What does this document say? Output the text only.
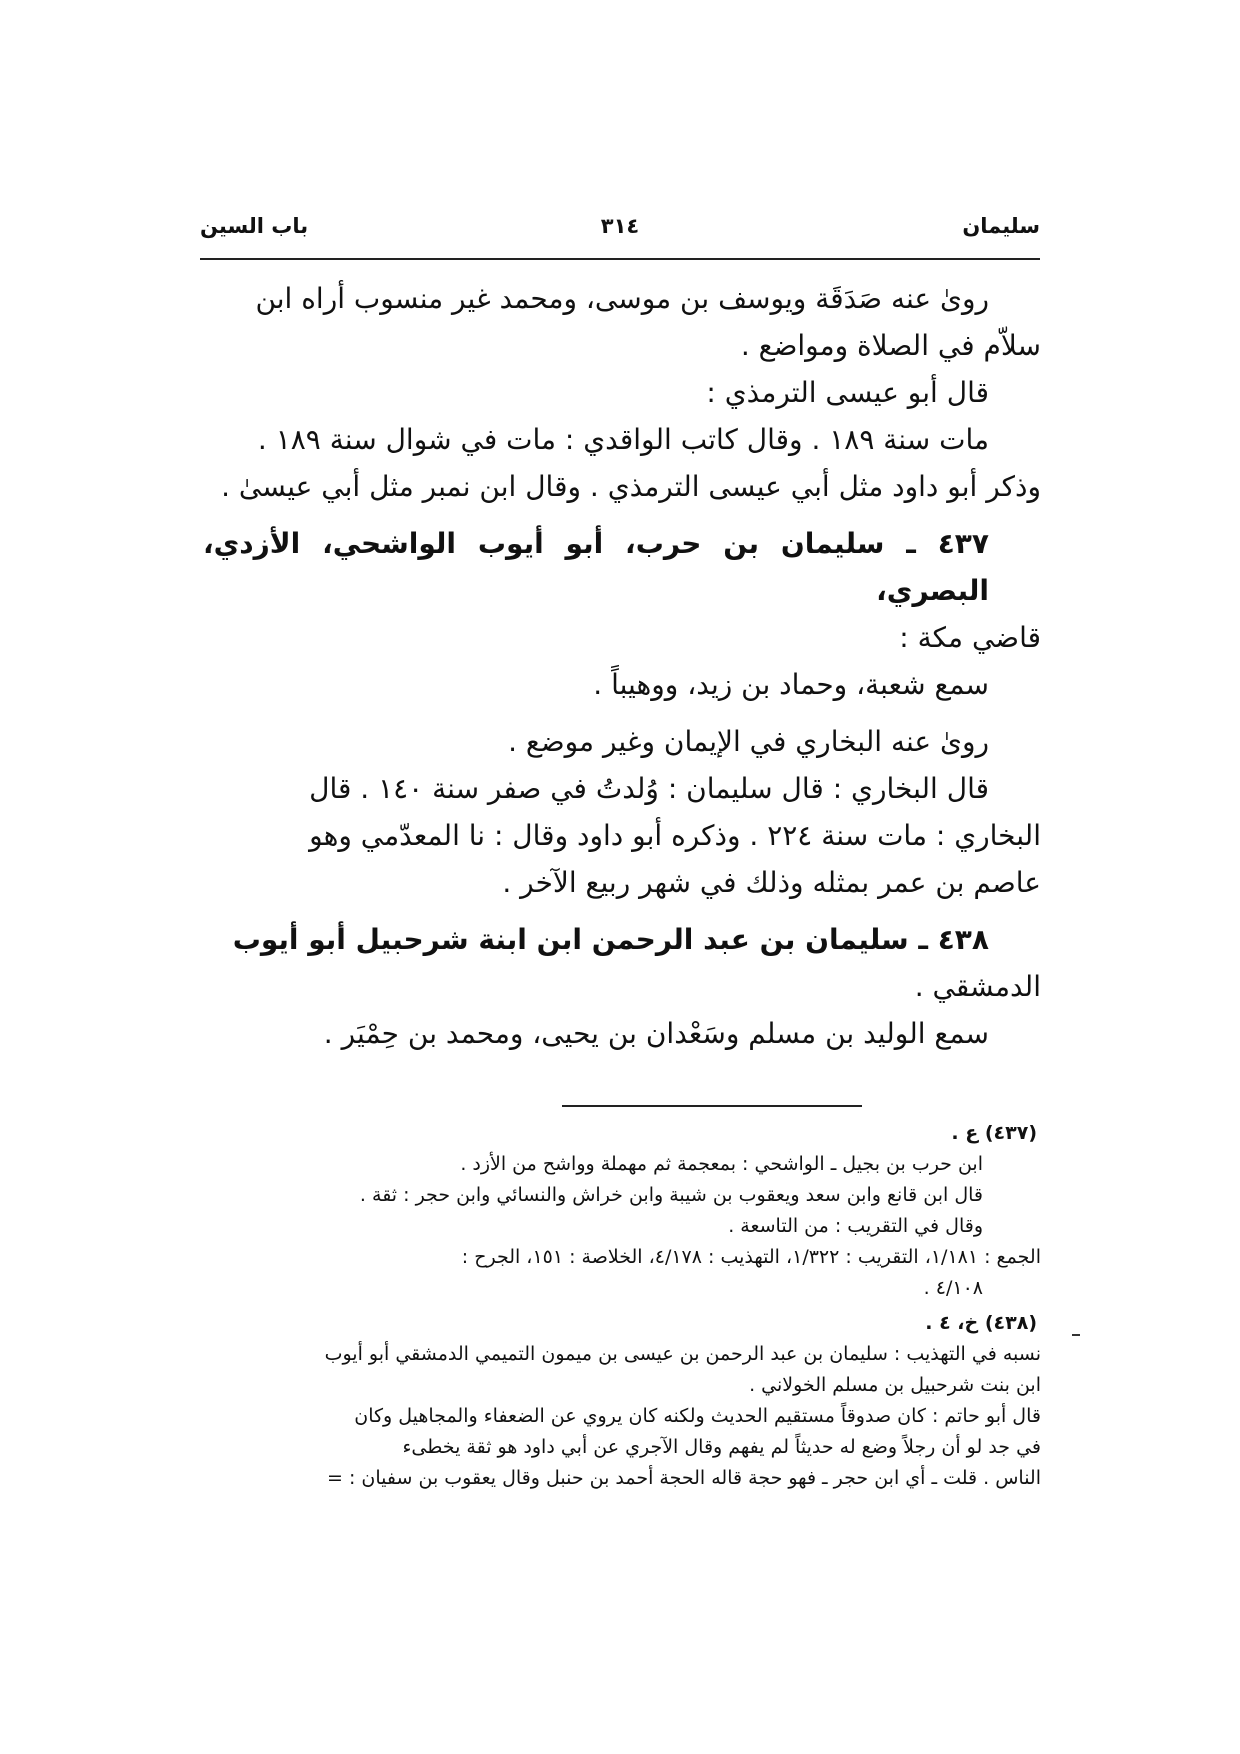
سليمان
٣١٤
باب السين

رویٰ عنه صَدَقَة ويوسف بن موسى، ومحمد غير منسوب أراه ابن

سلاّم في الصلاة ومواضع .

قال أبو عيسى الترمذي :

مات سنة ١٨٩ . وقال كاتب الواقدي : مات في شوال سنة ١٨٩ .

وذكر أبو داود مثل أبي عيسى الترمذي . وقال ابن نمبر مثل أبي عيسىٰ .

٤٣٧ ـ سليمان بن حرب، أبو أيوب الواشحي، الأزدي، البصري،

قاضي مكة :

سمع شعبة، وحماد بن زيد، ووهيباً .

روىٰ عنه البخاري في الإيمان وغير موضع .

قال البخاري : قال سليمان : وُلدتُ في صفر سنة ١٤٠ . قال

البخاري : مات سنة ٢٢٤ . وذكره أبو داود وقال : نا المعدّمي وهو

عاصم بن عمر بمثله وذلك في شهر ربيع الآخر .

٤٣٨ ـ سليمان بن عبد الرحمن ابن ابنة شرحبيل أبو أيوب

الدمشقي .

سمع الوليد بن مسلم وسَعْدان بن يحيى، ومحمد بن حِمْيَر .

(٤٣٧) ع .

ابن حرب بن بجيل ـ الواشحي : بمعجمة ثم مهملة وواشح من الأزد .

قال ابن قانع وابن سعد ويعقوب بن شيبة وابن خراش والنسائي وابن حجر : ثقة .

وقال في التقريب : من التاسعة .

الجمع : ١/١٨١، التقريب : ١/٣٢٢، التهذيب : ٤/١٧٨، الخلاصة : ١٥١، الجرح :

٤/١٠٨ .

(٤٣٨) خ، ٤ .

نسبه في التهذيب : سليمان بن عبد الرحمن بن عيسى بن ميمون التميمي الدمشقي أبو أيوب

ابن بنت شرحبيل بن مسلم الخولاني .

قال أبو حاتم : كان صدوقاً مستقيم الحديث ولكنه كان يروي عن الضعفاء والمجاهيل وكان

في جد لو أن رجلاً وضع له حديثاً لم يفهم وقال الآجري عن أبي داود هو ثقة يخطىء

الناس . قلت ـ أي ابن حجر ـ فهو حجة قاله الحجة أحمد بن حنبل وقال يعقوب بن سفيان : =
